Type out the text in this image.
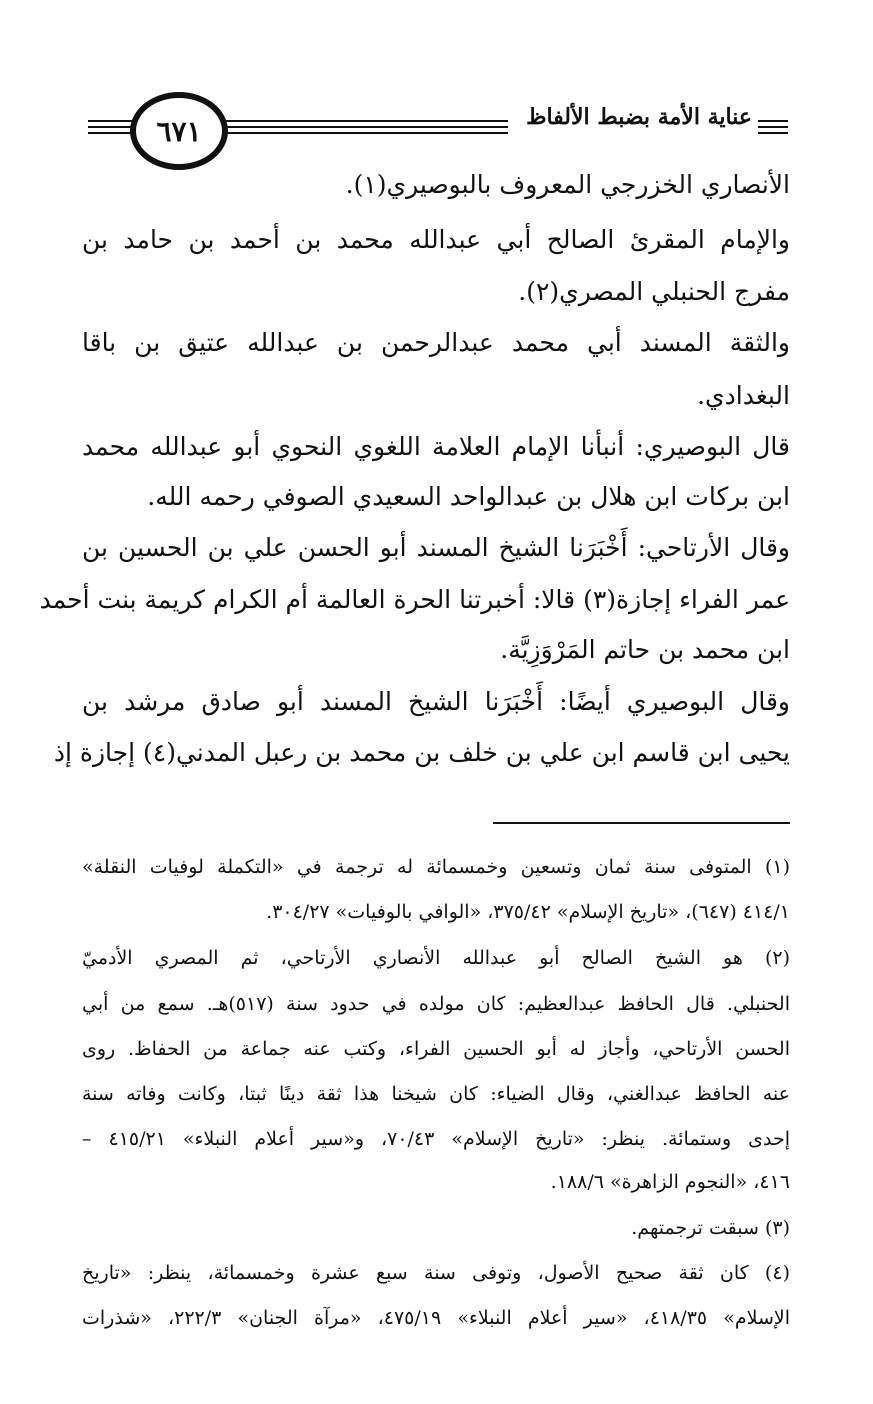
٦٧١	عناية الأمة بضبط الألفاظ
الأنصاري الخزرجي المعروف بالبوصيري(١).
والإمام المقرئ الصالح أبي عبدالله محمد بن أحمد بن حامد بن
مفرج الحنبلي المصري(٢).
والثقة المسند أبي محمد عبدالرحمن بن عبدالله عتيق بن باقا
البغدادي.
قال البوصيري: أنبأنا الإمام العلامة اللغوي النحوي أبو عبدالله محمد
ابن بركات ابن هلال بن عبدالواحد السعيدي الصوفي رحمه الله.
وقال الأرتاحي: أَخْبَرَنا الشيخ المسند أبو الحسن علي بن الحسين بن
عمر الفراء إجازة(٣) قالا: أخبرتنا الحرة العالمة أم الكرام كريمة بنت أحمد
ابن محمد بن حاتم المَرْوَزِيَّة.
وقال البوصيري أيضًا: أَخْبَرَنا الشيخ المسند أبو صادق مرشد بن
يحيى ابن قاسم ابن علي بن خلف بن محمد بن رعبل المدني(٤) إجازة إذ
(١) المتوفى سنة ثمان وتسعين وخمسمائة له ترجمة في «التكملة لوفيات النقلة»
٤١٤/١ (٦٤٧)، «تاريخ الإسلام» ٣٧٥/٤٢، «الوافي بالوفيات» ٣٠٤/٢٧.
(٢) هو الشيخ الصالح أبو عبدالله الأنصاري الأرتاحي، ثم المصري الأدميّ
الحنبلي. قال الحافظ عبدالعظيم: كان مولده في حدود سنة (٥١٧)هـ. سمع من أبي
الحسن الأرتاحي، وأجاز له أبو الحسين الفراء، وكتب عنه جماعة من الحفاظ. روى
عنه الحافظ عبدالغني، وقال الضياء: كان شيخنا هذا ثقة دينًا ثبتا، وكانت وفاته سنة
إحدى وستمائة. ينظر: «تاريخ الإسلام» ٧٠/٤٣، و«سير أعلام النبلاء» ٤١٥/٢١ –
٤١٦، «النجوم الزاهرة» ١٨٨/٦.
(٣) سبقت ترجمتهم.
(٤) كان ثقة صحيح الأصول، وتوفى سنة سبع عشرة وخمسمائة، ينظر: «تاريخ
الإسلام» ٤١٨/٣٥، «سير أعلام النبلاء» ٤٧٥/١٩، «مرآة الجنان» ٢٢٢/٣، «شذرات
